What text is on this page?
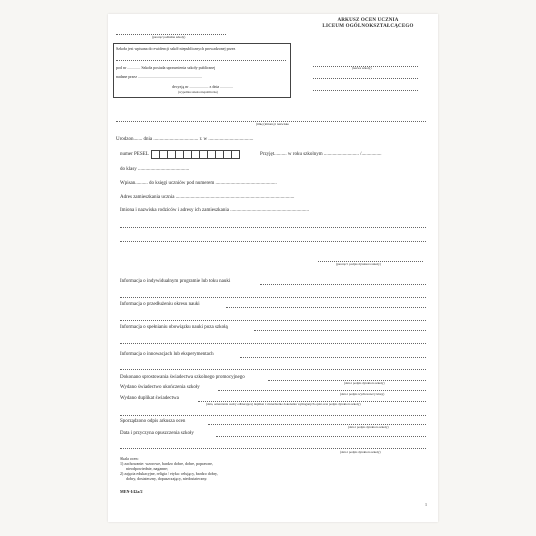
(pieczęć podłużna szkoły)
ARKUSZ OCEN UCZNIA
LICEUM OGÓLNOKSZTAŁCĄCEGO
(nazwa szkoły)
Szkoła jest wpisana do ewidencji szkół niepublicznych prowadzonej przez
pod nr ............. Szkoła posiada uprawnienia szkoły publicznej
nadane przez ................................................................
decyzją nr ................... z dnia .............
(wypełnia szkoła niepubliczna)
(imię (imiona) i nazwisko
Urodzon....... dnia .................................... r. w ....................................
numer PESEL	Przyjęt.......... w roku szkolnym ............................ /................
do klasy .........................................
Wpisan.......... do księgi uczniów pod numerem .................................................
Adres zamieszkania ucznia ...............................................................................................
Imiona i nazwiska rodziców i adresy ich zamieszkania ...............................................................
(pieczęć i podpis dyrektora szkoły)
Informacja o indywidualnym programie lub toku nauki
Informacja o przedłużeniu okresu nauki
Informacja o spełnianiu obowiązku nauki poza szkołą
Informacja o innowacjach lub eksperymentach
Dokonano sprostowania świadectwa szkolnego promocyjnego
(data i podpis dyrektora szkoły)
Wydano świadectwo ukończenia szkoły
(data i podpis wychowawcy klasy)
Wydano duplikat świadectwa
(data, oznaczenie osoby odbierającej duplikat i stwierdzenie dokonania wymaganych opłat oraz podpis dyrektora szkoły)
Sporządzono odpis arkusza ocen
(data i podpis dyrektora szkoły)
Data i przyczyna opuszczenia szkoły
(data i podpis dyrektora szkoły)
Skala ocen:
1) zachowanie: wzorowe, bardzo dobre, dobre, poprawne,
nieodpowiednie, naganne;
2) zajęcia edukacyjne, religia / etyka: celujący, bardzo dobry,
dobry, dostateczny, dopuszczający, niedostateczny.
MEN-I/42a/2
1
